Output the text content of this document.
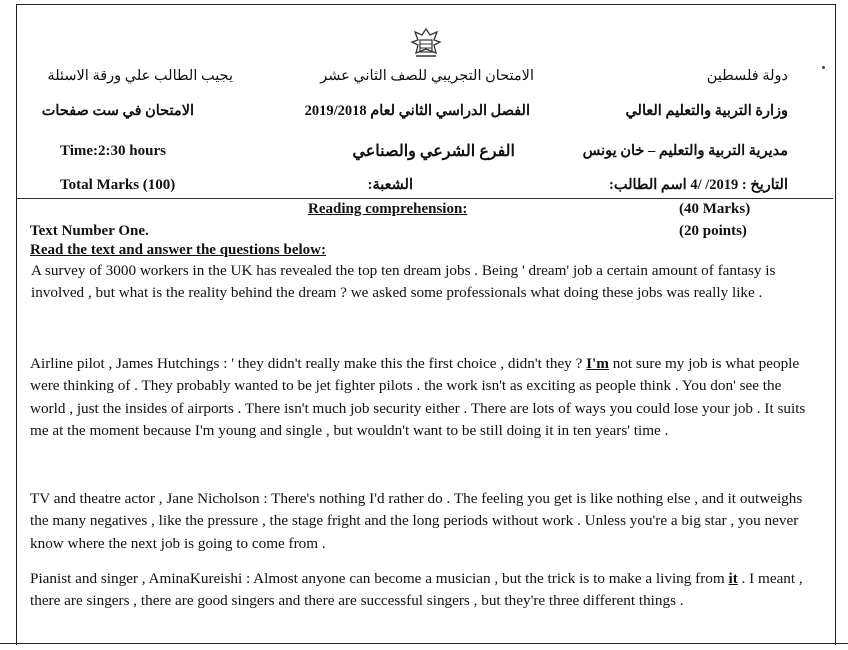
دولة فلسطين
وزارة التربية والتعليم العالي
مديرية التربية والتعليم – خان يونس
التاريخ : 2019/ /4 اسم الطالب:
الامتحان التجريبي للصف الثاني عشر
الفصل الدراسي الثاني لعام 2019/2018
الفرع الشرعي والصناعي
الشعبة:
يجيب الطالب علي ورقة الاسئلة
الامتحان في ست صفحات
Time:2:30 hours
Total Marks (100)
Reading comprehension:	(40 Marks)
Text Number One.	(20 points)
Read the text and answer the questions below:
A survey of 3000 workers in the UK has revealed the top ten dream jobs . Being ' dream' job a certain amount of fantasy is involved , but what is the reality behind the dream ? we asked some professionals what doing these jobs was really like .
Airline pilot , James Hutchings : ' they didn't really make this the first choice , didn't they ? I'm not sure my job is what people were thinking of . They probably wanted to be jet fighter pilots . the work isn't as exciting as people think . You don' see the world , just the insides of airports . There isn't much job security either . There are lots of ways you could lose your job . It suits me at the moment because I'm young and single , but wouldn't want to be still doing it in ten years' time .
TV and theatre actor , Jane Nicholson : There's nothing I'd rather do . The feeling you get is like nothing else , and it outweighs the many negatives , like the pressure , the stage fright and the long periods without work . Unless you're a big star , you never know where the next job is going to come from .
Pianist and singer , AminaKureishi : Almost anyone can become a musician , but the trick is to make a living from it . I meant , there are singers , there are good singers and there are successful singers , but they're three different things .
